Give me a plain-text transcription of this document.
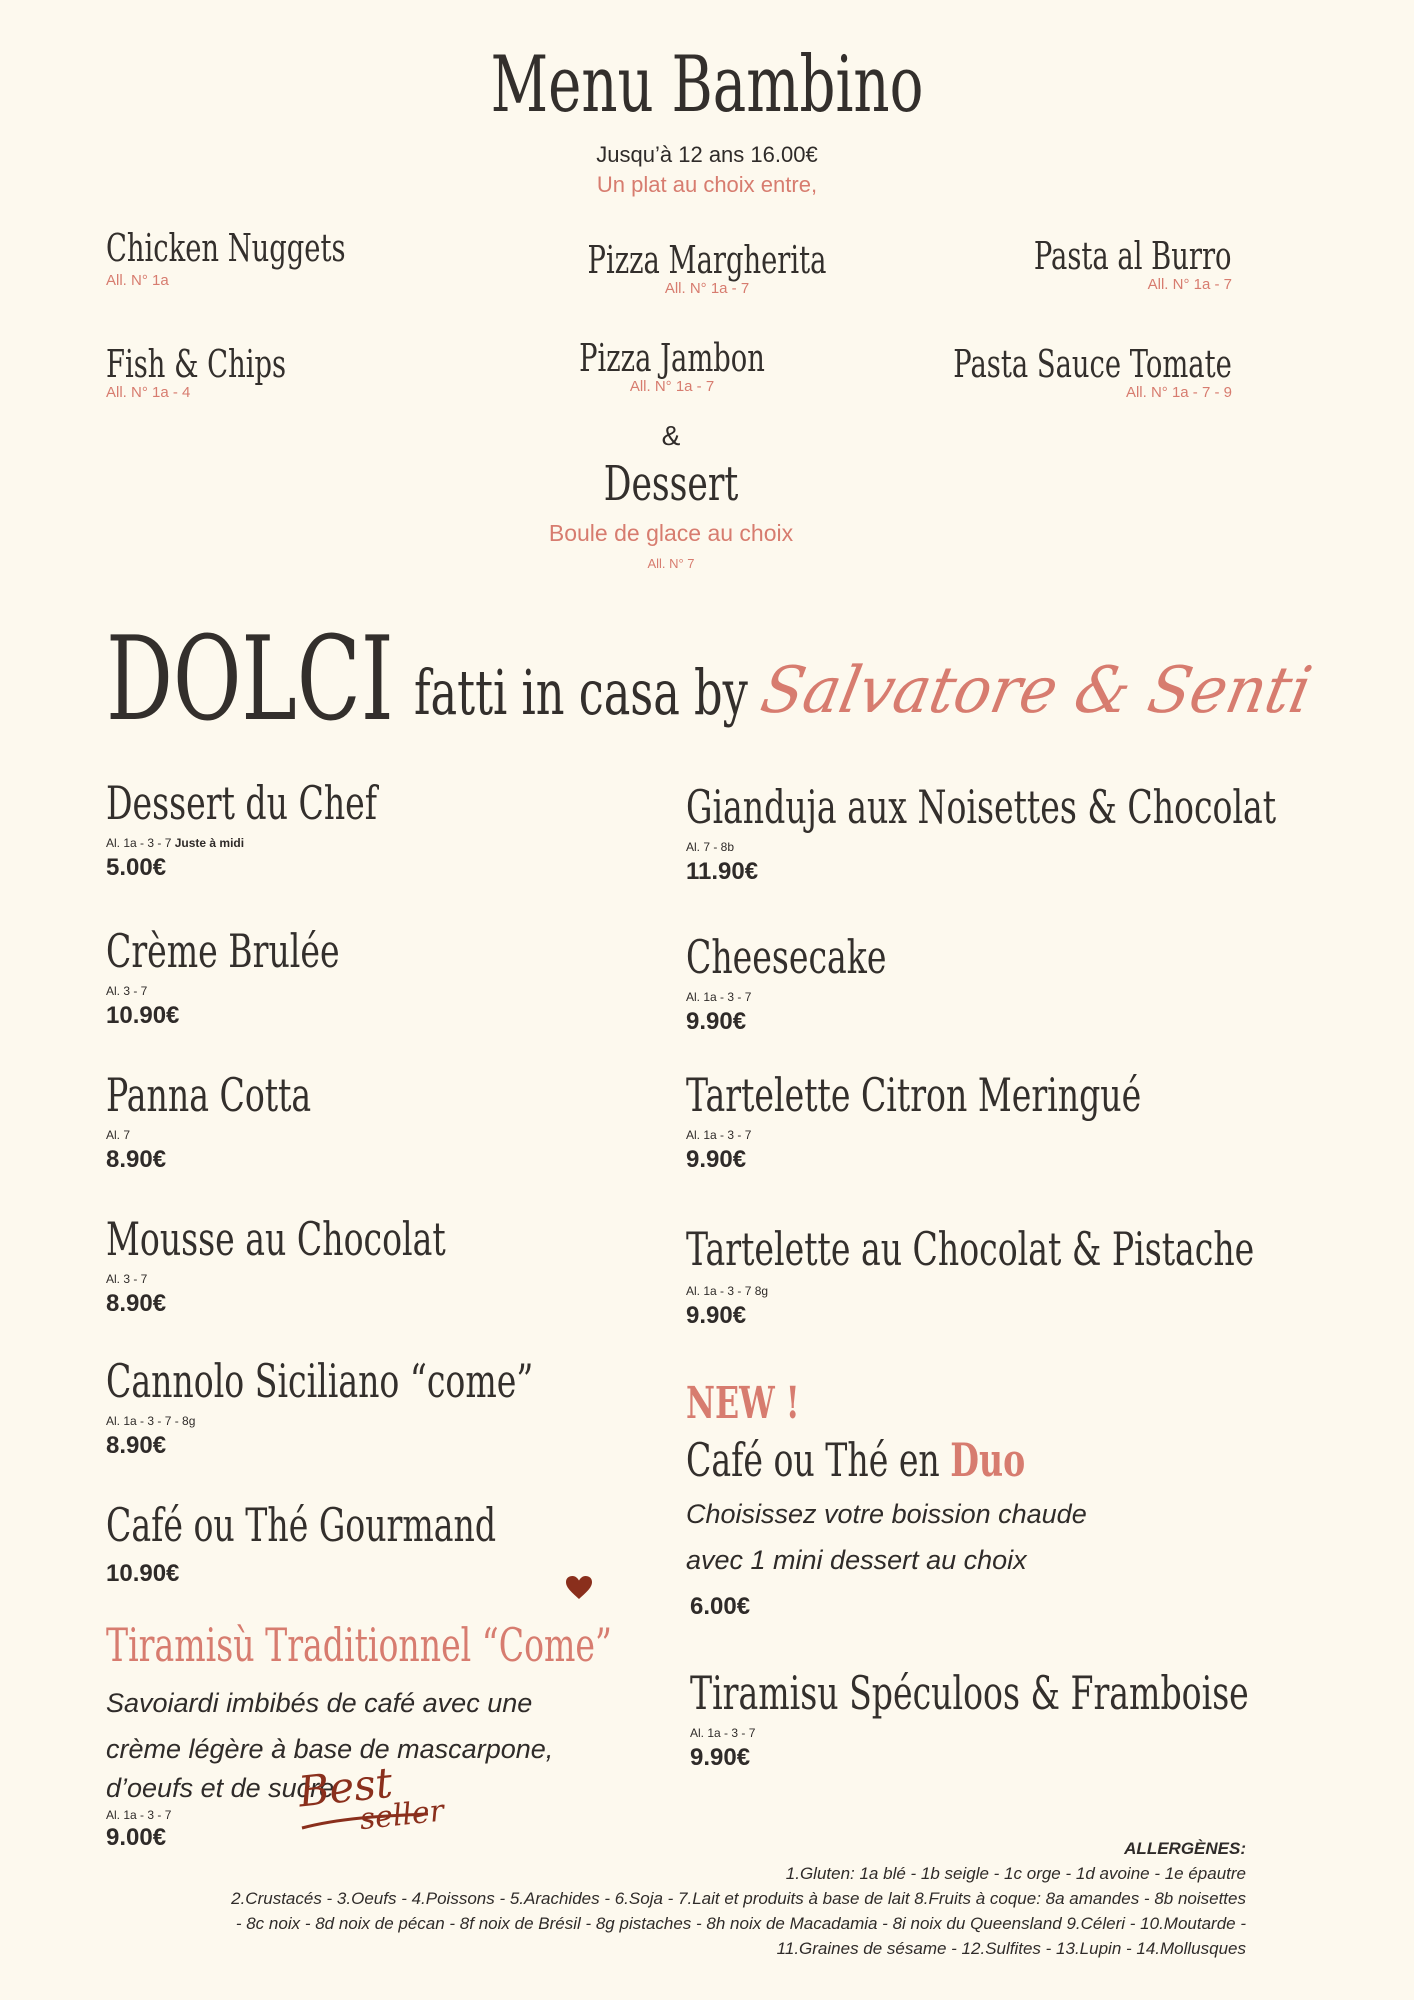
Menu Bambino
Jusqu’à 12 ans 16.00€
Un plat au choix entre,
Chicken Nuggets
All. N° 1a	Pizza Margherita
All. N° 1a - 7
Pasta al Burro
All. N° 1a - 7
Fish & Chips
All. N° 1a - 4
Pizza Jambon
All. N° 1a - 7
Pasta Sauce Tomate
All. N° 1a - 7 - 9
&
Dessert
Boule de glace au choix
All. N° 7
DOLCI fatti in casa by Salvatore & Senti
Dessert du Chef
Al. 1a - 3 - 7 Juste à midi
5.00€
Crème Brulée
Al. 3 - 7
10.90€
Panna Cotta
Al. 7
8.90€
Mousse au Chocolat
Al. 3 - 7
8.90€
Cannolo Siciliano “come”
Al. 1a - 3 - 7 - 8g
8.90€
Café ou Thé Gourmand
10.90€
Tiramisù Traditionnel “Come”
Savoiardi imbibés de café avec une
crème légère à base de mascarpone,
d’oeufs et de sucre
Al. 1a - 3 - 7
9.00€
Best
seller
Gianduja aux Noisettes & Chocolat
Al. 7 - 8b
11.90€
Cheesecake
Al. 1a - 3 - 7
9.90€
Tartelette Citron Meringué
Al. 1a - 3 - 7
9.90€
Tartelette au Chocolat & Pistache
Al. 1a - 3 - 7 8g
9.90€
NEW !
Café ou Thé en Duo
Choisissez votre boission chaude
avec 1 mini dessert au choix
6.00€
Tiramisu Spéculoos & Framboise
Al. 1a - 3 - 7
9.90€
ALLERGÈNES:
1.Gluten: 1a blé - 1b seigle - 1c orge - 1d avoine - 1e épautre
2.Crustacés - 3.Oeufs - 4.Poissons - 5.Arachides - 6.Soja - 7.Lait et produits à base de lait 8.Fruits à coque: 8a amandes - 8b noisettes
- 8c noix - 8d noix de pécan - 8f noix de Brésil - 8g pistaches - 8h noix de Macadamia - 8i noix du Queensland 9.Céleri - 10.Moutarde -
11.Graines de sésame - 12.Sulfites - 13.Lupin - 14.Mollusques
